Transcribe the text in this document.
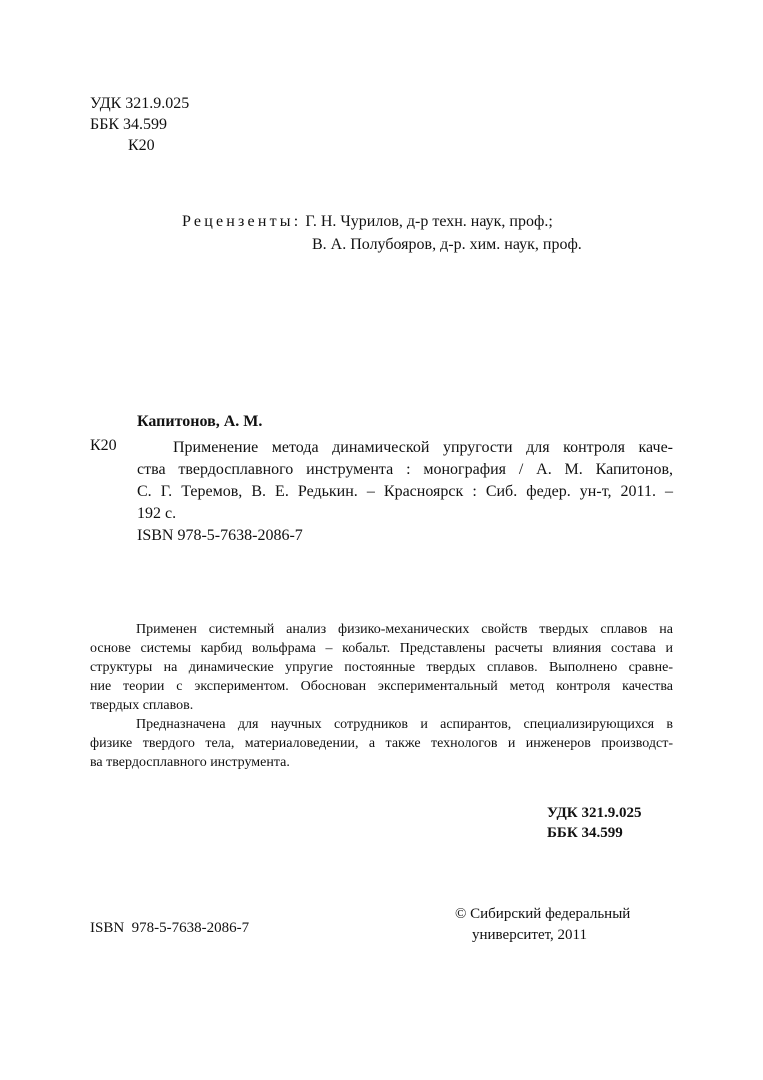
УДК 321.9.025
ББК 34.599
К20
Рецензенты: Г. Н. Чурилов, д-р техн. наук, проф.;
В. А. Полубояров, д-р. хим. наук, проф.
Капитонов, А. М.
К20	Применение метода динамической упругости для контроля каче-
ства твердосплавного инструмента : монография / А. М. Капитонов,
С. Г. Теремов, В. Е. Редькин. – Красноярск : Сиб. федер. ун-т, 2011. –
192 с.
ISBN 978-5-7638-2086-7
Применен системный анализ физико-механических свойств твердых сплавов на
основе системы карбид вольфрама – кобальт. Представлены расчеты влияния состава и
структуры на динамические упругие постоянные твердых сплавов. Выполнено сравне-
ние теории с экспериментом. Обоснован экспериментальный метод контроля качества
твердых сплавов.
Предназначена для научных сотрудников и аспирантов, специализирующихся в
физике твердого тела, материаловедении, а также технологов и инженеров производст-
ва твердосплавного инструмента.
УДК 321.9.025
ББК 34.599
© Сибирский федеральный
университет, 2011
ISBN  978-5-7638-2086-7
